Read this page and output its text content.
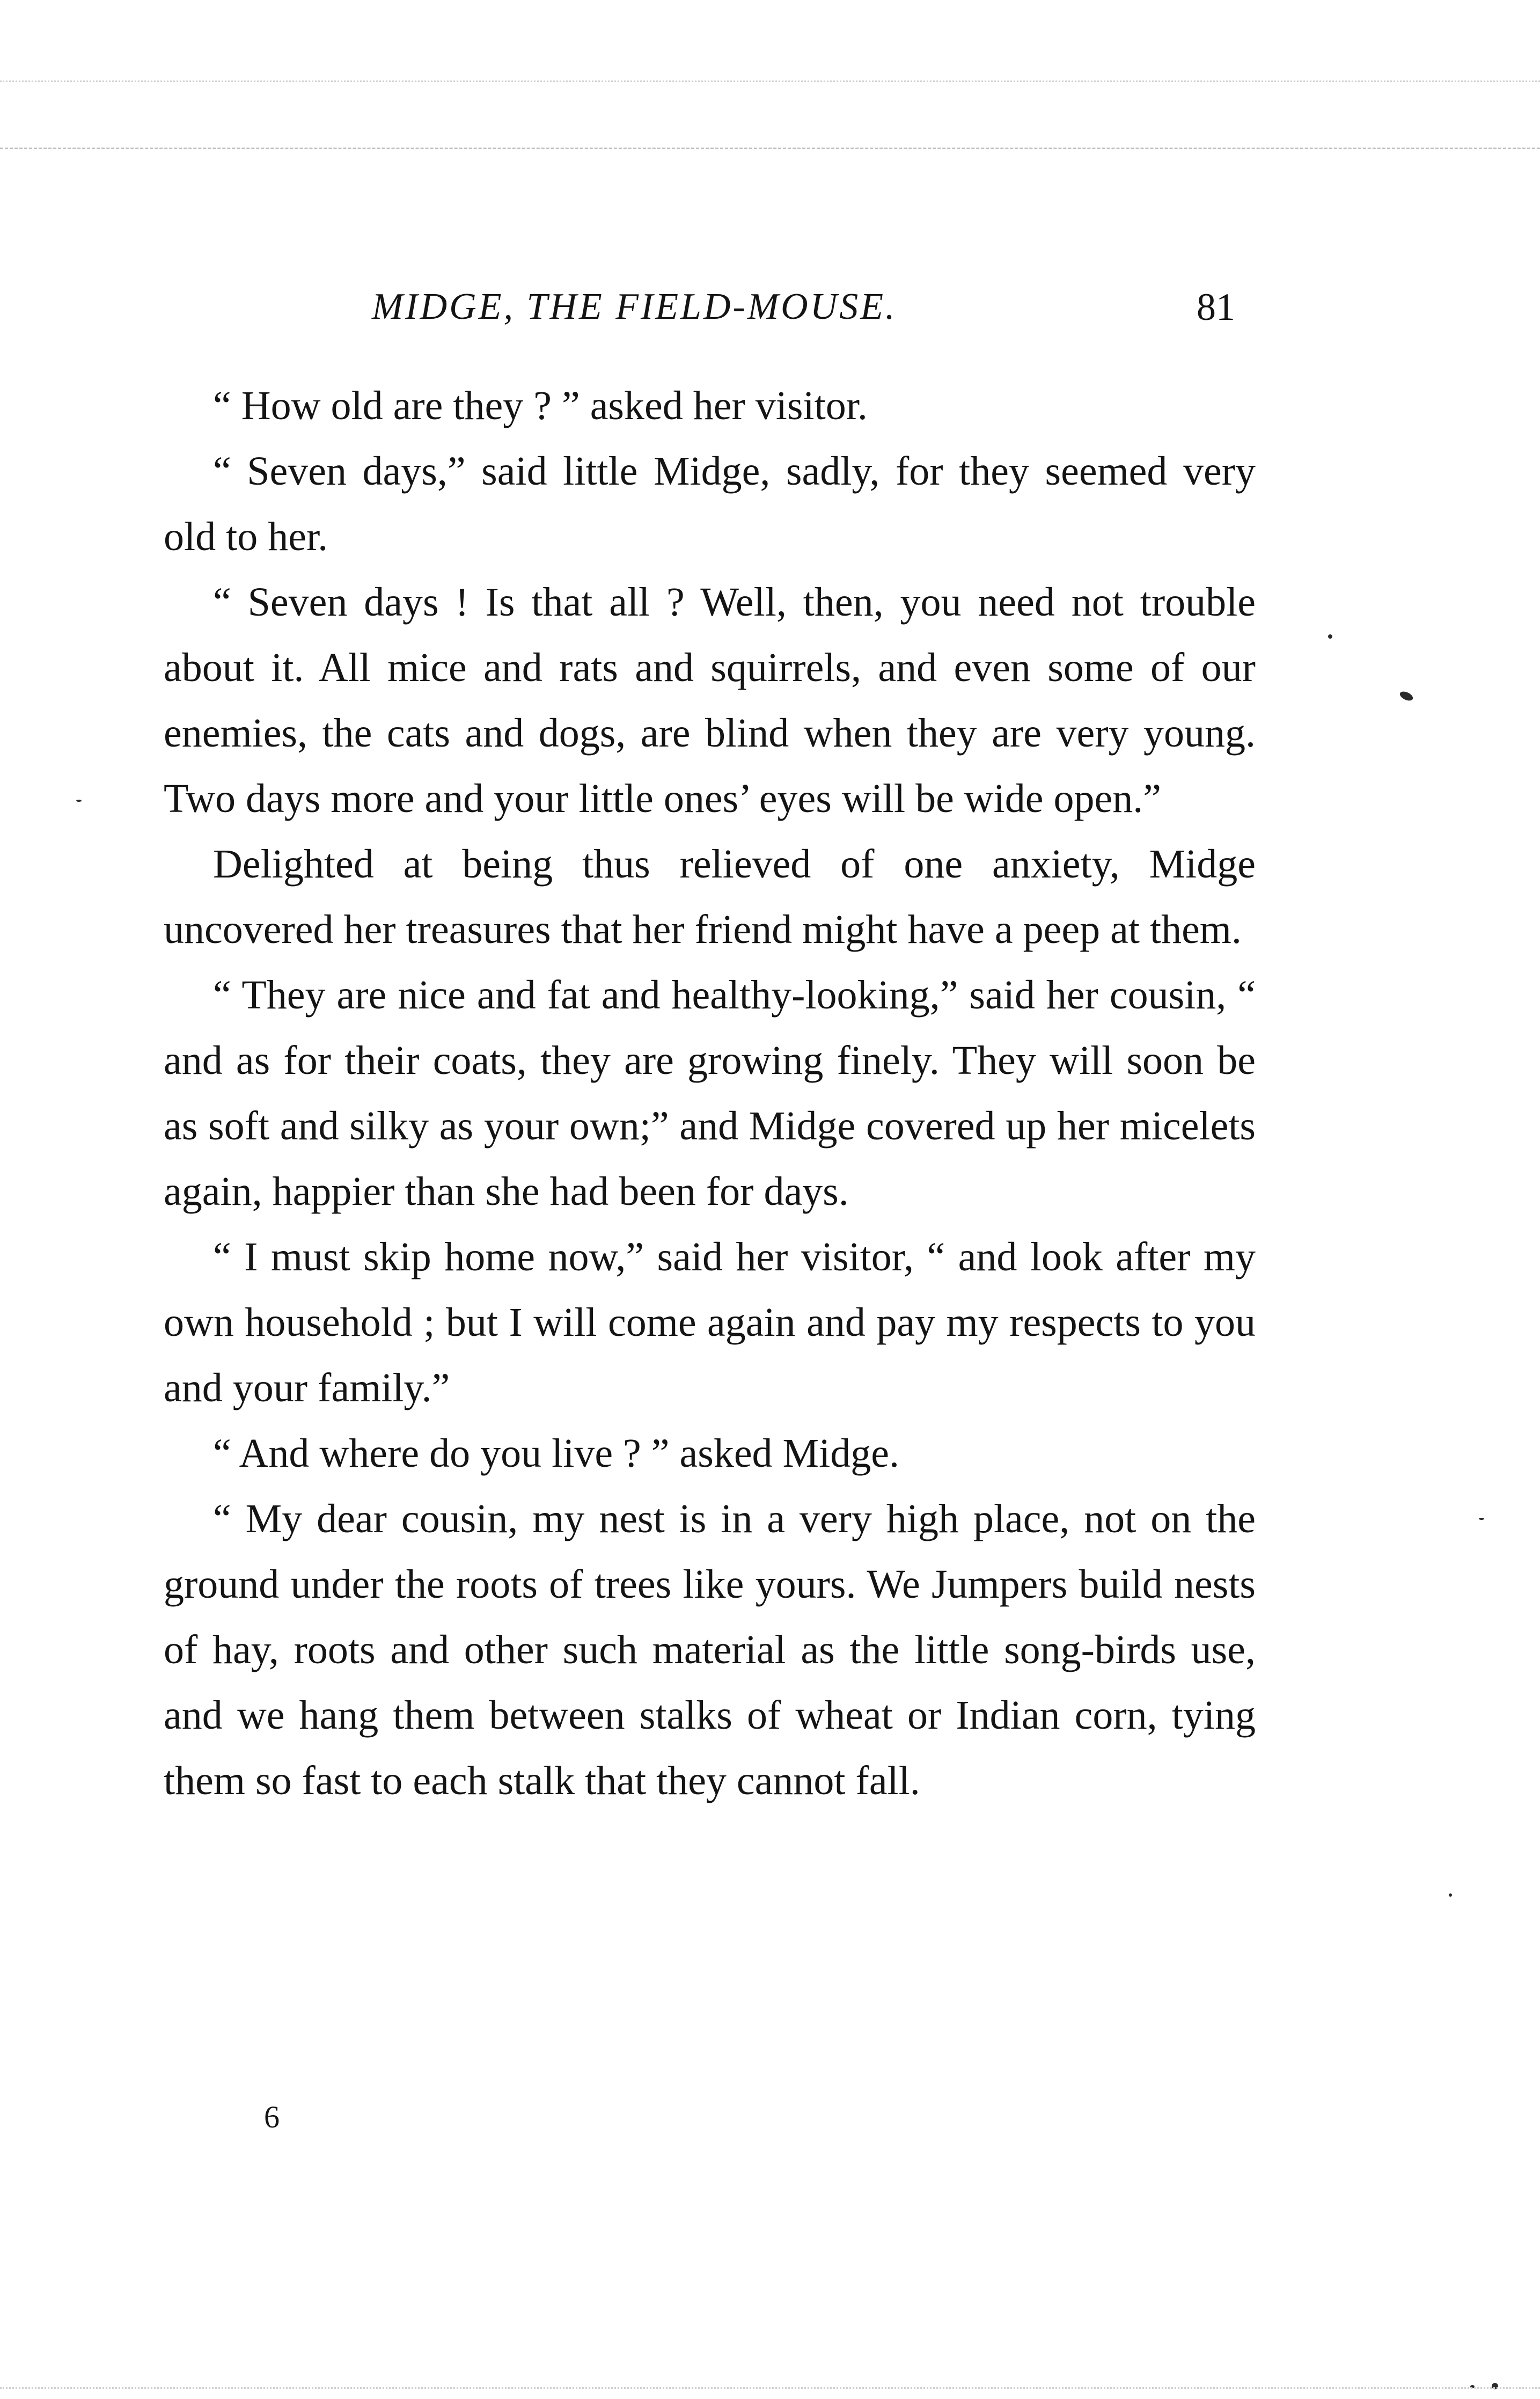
MIDGE, THE FIELD-MOUSE.	81

“ How old are they ? ” asked her visitor.

“ Seven days,” said little Midge, sadly, for they seemed very old to her.

“ Seven days ! Is that all ? Well, then, you need not trouble about it. All mice and rats and squirrels, and even some of our enemies, the cats and dogs, are blind when they are very young. Two days more and your little ones’ eyes will be wide open.”

Delighted at being thus relieved of one anxiety, Midge uncovered her treasures that her friend might have a peep at them.

“ They are nice and fat and healthy-looking,” said her cousin, “ and as for their coats, they are growing finely. They will soon be as soft and silky as your own;” and Midge covered up her micelets again, happier than she had been for days.

“ I must skip home now,” said her visitor, “ and look after my own household ; but I will come again and pay my respects to you and your family.”

“ And where do you live ? ” asked Midge.

“ My dear cousin, my nest is in a very high place, not on the ground under the roots of trees like yours. We Jumpers build nests of hay, roots and other such material as the little song-birds use, and we hang them between stalks of wheat or Indian corn, tying them so fast to each stalk that they cannot fall.

6
